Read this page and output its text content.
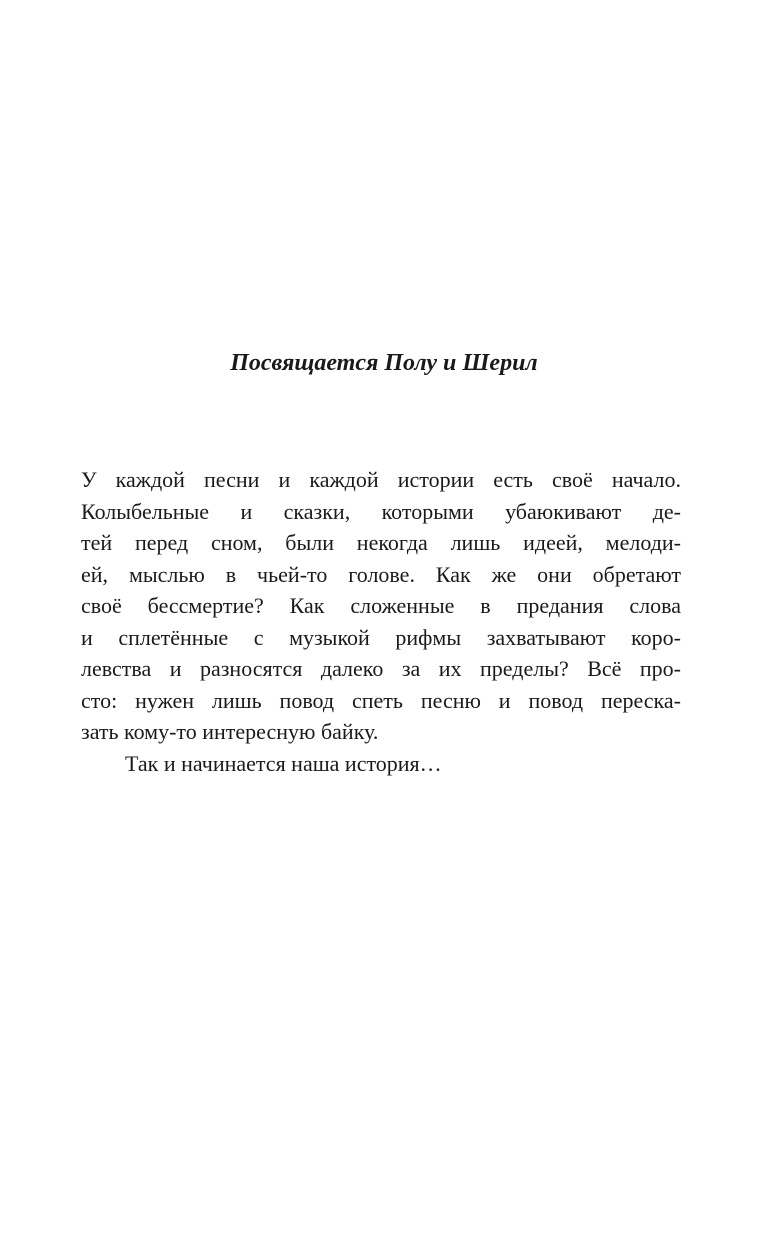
Посвящается Полу и Шерил
У каждой песни и каждой истории есть своё начало.
Колыбельные и сказки, которыми убаюкивают де-
тей перед сном, были некогда лишь идеей, мелоди-
ей, мыслью в чьей-то голове. Как же они обретают
своё бессмертие? Как сложенные в предания слова
и сплетённые с музыкой рифмы захватывают коро-
левства и разносятся далеко за их пределы? Всё про-
сто: нужен лишь повод спеть песню и повод переска-
зать кому-то интересную байку.
Так и начинается наша история…
